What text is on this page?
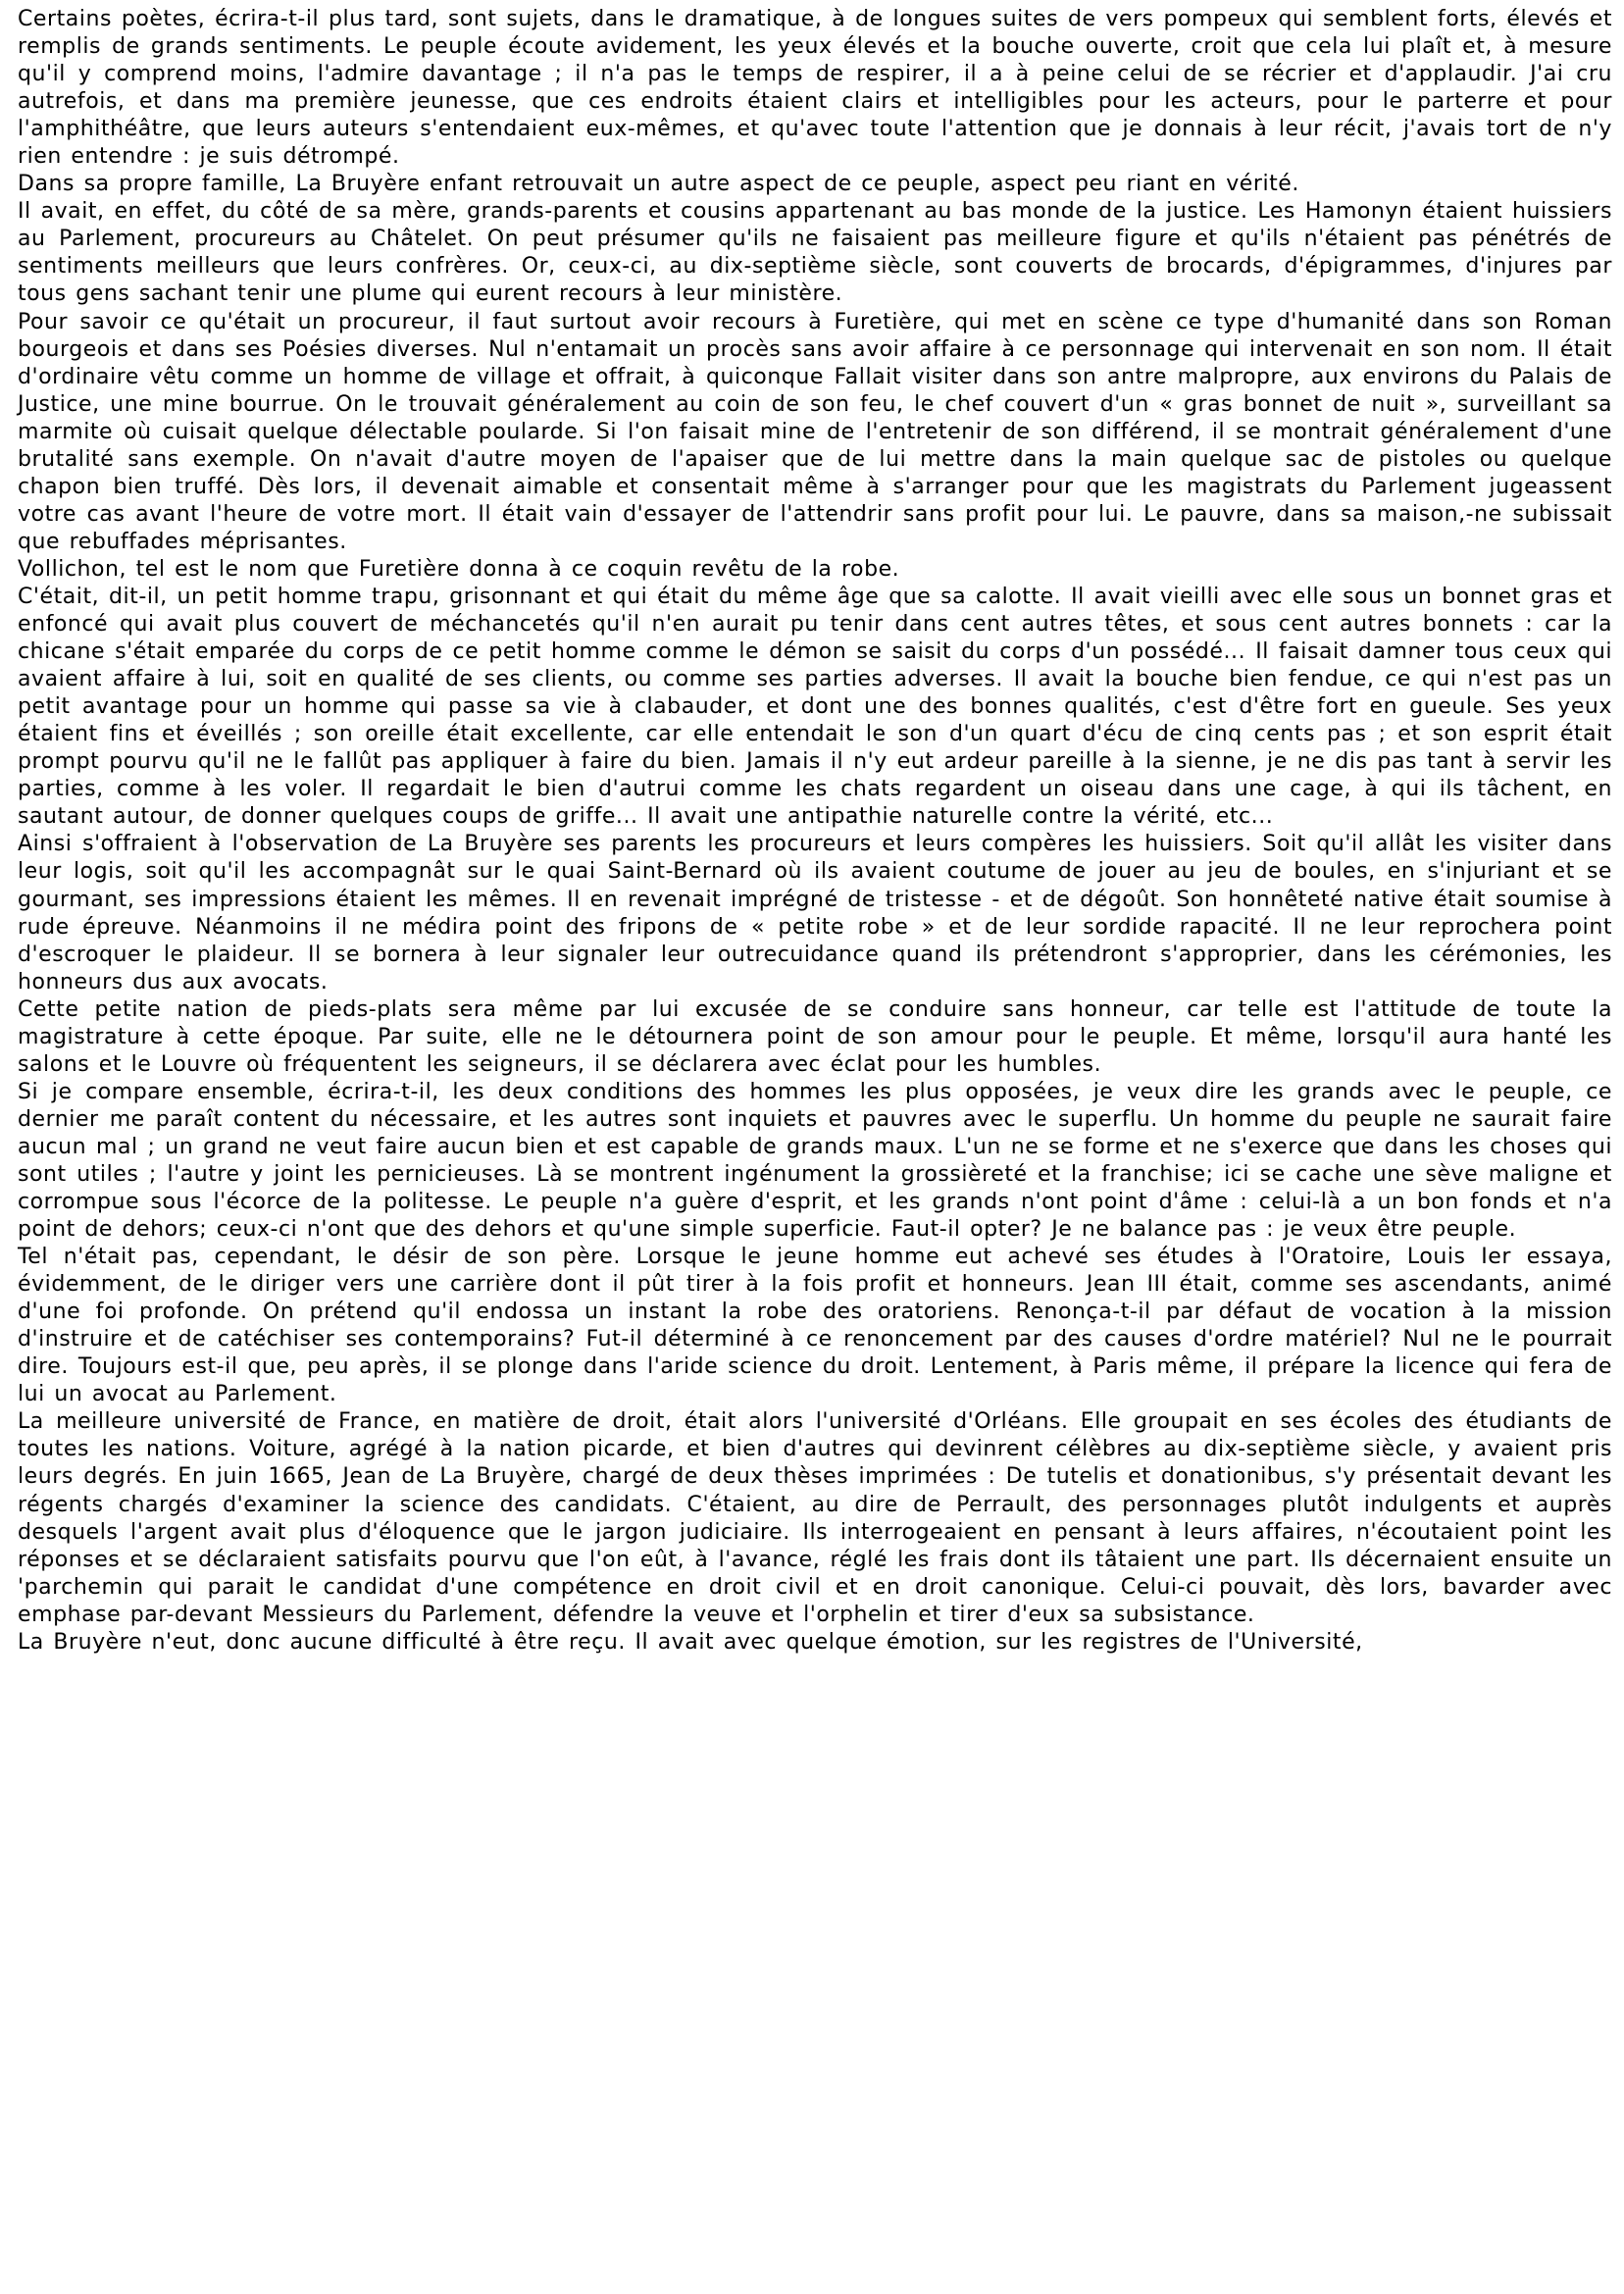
Certains poètes, écrira-t-il plus tard, sont sujets, dans le dramatique, à de longues suites de vers pompeux qui semblent forts, élevés et remplis de grands sentiments. Le peuple écoute avidement, les yeux élevés et la bouche ouverte, croit que cela lui plaît et, à mesure qu'il y comprend moins, l'admire davantage ; il n'a pas le temps de respirer, il a à peine celui de se récrier et d'applaudir. J'ai cru autrefois, et dans ma première jeunesse, que ces endroits étaient clairs et intelligibles pour les acteurs, pour le parterre et pour l'amphithéâtre, que leurs auteurs s'entendaient eux-mêmes, et qu'avec toute l'attention que je donnais à leur récit, j'avais tort de n'y rien entendre : je suis détrompé.

Dans sa propre famille, La Bruyère enfant retrouvait un autre aspect de ce peuple, aspect peu riant en vérité.

Il avait, en effet, du côté de sa mère, grands-parents et cousins appartenant au bas monde de la justice. Les Hamonyn étaient huissiers au Parlement, procureurs au Châtelet. On peut présumer qu'ils ne faisaient pas meilleure figure et qu'ils n'étaient pas pénétrés de sentiments meilleurs que leurs confrères. Or, ceux-ci, au dix-septième siècle, sont couverts de brocards, d'épigrammes, d'injures par tous gens sachant tenir une plume qui eurent recours à leur ministère.

Pour savoir ce qu'était un procureur, il faut surtout avoir recours à Furetière, qui met en scène ce type d'humanité dans son Roman bourgeois et dans ses Poésies diverses. Nul n'entamait un procès sans avoir affaire à ce personnage qui intervenait en son nom. Il était d'ordinaire vêtu comme un homme de village et offrait, à quiconque Fallait visiter dans son antre malpropre, aux environs du Palais de Justice, une mine bourrue. On le trouvait généralement au coin de son feu, le chef couvert d'un « gras bonnet de nuit », surveillant sa marmite où cuisait quelque délectable poularde. Si l'on faisait mine de l'entretenir de son différend, il se montrait généralement d'une brutalité sans exemple. On n'avait d'autre moyen de l'apaiser que de lui mettre dans la main quelque sac de pistoles ou quelque chapon bien truffé. Dès lors, il devenait aimable et consentait même à s'arranger pour que les magistrats du Parlement jugeassent votre cas avant l'heure de votre mort. Il était vain d'essayer de l'attendrir sans profit pour lui. Le pauvre, dans sa maison,-ne subissait que rebuffades méprisantes.

Vollichon, tel est le nom que Furetière donna à ce coquin revêtu de la robe.

C'était, dit-il, un petit homme trapu, grisonnant et qui était du même âge que sa calotte. Il avait vieilli avec elle sous un bonnet gras et enfoncé qui avait plus couvert de méchancetés qu'il n'en aurait pu tenir dans cent autres têtes, et sous cent autres bonnets : car la chicane s'était emparée du corps de ce petit homme comme le démon se saisit du corps d'un possédé... Il faisait damner tous ceux qui avaient affaire à lui, soit en qualité de ses clients, ou comme ses parties adverses. Il avait la bouche bien fendue, ce qui n'est pas un petit avantage pour un homme qui passe sa vie à clabauder, et dont une des bonnes qualités, c'est d'être fort en gueule. Ses yeux étaient fins et éveillés ; son oreille était excellente, car elle entendait le son d'un quart d'écu de cinq cents pas ; et son esprit était prompt pourvu qu'il ne le fallût pas appliquer à faire du bien. Jamais il n'y eut ardeur pareille à la sienne, je ne dis pas tant à servir les parties, comme à les voler. Il regardait le bien d'autrui comme les chats regardent un oiseau dans une cage, à qui ils tâchent, en sautant autour, de donner quelques coups de griffe... Il avait une antipathie naturelle contre la vérité, etc...

Ainsi s'offraient à l'observation de La Bruyère ses parents les procureurs et leurs compères les huissiers. Soit qu'il allât les visiter dans leur logis, soit qu'il les accompagnât sur le quai Saint-Bernard où ils avaient coutume de jouer au jeu de boules, en s'injuriant et se gourmant, ses impressions étaient les mêmes. Il en revenait imprégné de tristesse - et de dégoût. Son honnêteté native était soumise à rude épreuve. Néanmoins il ne médira point des fripons de « petite robe » et de leur sordide rapacité. Il ne leur reprochera point d'escroquer le plaideur. Il se bornera à leur signaler leur outrecuidance quand ils prétendront s'approprier, dans les cérémonies, les honneurs dus aux avocats.

Cette petite nation de pieds-plats sera même par lui excusée de se conduire sans honneur, car telle est l'attitude de toute la magistrature à cette époque. Par suite, elle ne le détournera point de son amour pour le peuple. Et même, lorsqu'il aura hanté les salons et le Louvre où fréquentent les seigneurs, il se déclarera avec éclat pour les humbles.

Si je compare ensemble, écrira-t-il, les deux conditions des hommes les plus opposées, je veux dire les grands avec le peuple, ce dernier me paraît content du nécessaire, et les autres sont inquiets et pauvres avec le superflu. Un homme du peuple ne saurait faire aucun mal ; un grand ne veut faire aucun bien et est capable de grands maux. L'un ne se forme et ne s'exerce que dans les choses qui sont utiles ; l'autre y joint les pernicieuses. Là se montrent ingénument la grossièreté et la franchise; ici se cache une sève maligne et corrompue sous l'écorce de la politesse. Le peuple n'a guère d'esprit, et les grands n'ont point d'âme : celui-là a un bon fonds et n'a point de dehors; ceux-ci n'ont que des dehors et qu'une simple superficie. Faut-il opter? Je ne balance pas : je veux être peuple.

Tel n'était pas, cependant, le désir de son père. Lorsque le jeune homme eut achevé ses études à l'Oratoire, Louis Ier essaya, évidemment, de le diriger vers une carrière dont il pût tirer à la fois profit et honneurs. Jean III était, comme ses ascendants, animé d'une foi profonde. On prétend qu'il endossa un instant la robe des oratoriens. Renonça-t-il par défaut de vocation à la mission d'instruire et de catéchiser ses contemporains? Fut-il déterminé à ce renoncement par des causes d'ordre matériel? Nul ne le pourrait dire. Toujours est-il que, peu après, il se plonge dans l'aride science du droit. Lentement, à Paris même, il prépare la licence qui fera de lui un avocat au Parlement.

La meilleure université de France, en matière de droit, était alors l'université d'Orléans. Elle groupait en ses écoles des étudiants de toutes les nations. Voiture, agrégé à la nation picarde, et bien d'autres qui devinrent célèbres au dix-septième siècle, y avaient pris leurs degrés. En juin 1665, Jean de La Bruyère, chargé de deux thèses imprimées : De tutelis et donationibus, s'y présentait devant les régents chargés d'examiner la science des candidats. C'étaient, au dire de Perrault, des personnages plutôt indulgents et auprès desquels l'argent avait plus d'éloquence que le jargon judiciaire. Ils interrogeaient en pensant à leurs affaires, n'écoutaient point les réponses et se déclaraient satisfaits pourvu que l'on eût, à l'avance, réglé les frais dont ils tâtaient une part. Ils décernaient ensuite un 'parchemin qui parait le candidat d'une compétence en droit civil et en droit canonique. Celui-ci pouvait, dès lors, bavarder avec emphase par-devant Messieurs du Parlement, défendre la veuve et l'orphelin et tirer d'eux sa subsistance.

La Bruyère n'eut, donc aucune difficulté à être reçu. Il avait avec quelque émotion, sur les registres de l'Université,
